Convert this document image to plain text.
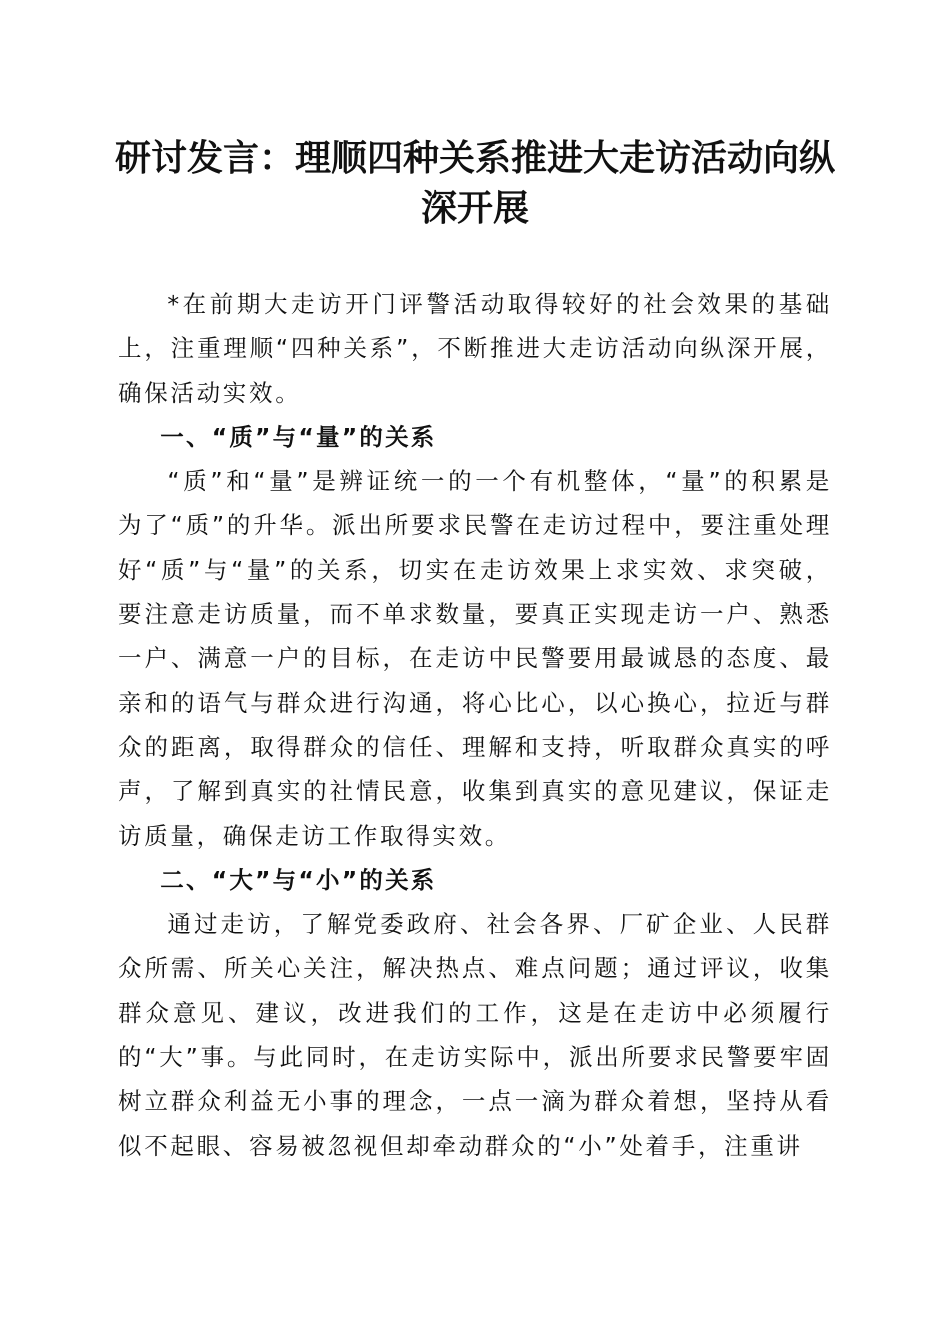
研讨发言：理顺四种关系推进大走访活动向纵深开展

*在前期大走访开门评警活动取得较好的社会效果的基础上，注重理顺“四种关系”，不断推进大走访活动向纵深开展，确保活动实效。

一、“质”与“量”的关系

“质”和“量”是辨证统一的一个有机整体，“量”的积累是为了“质”的升华。派出所要求民警在走访过程中，要注重处理好“质”与“量”的关系，切实在走访效果上求实效、求突破，要注意走访质量，而不单求数量，要真正实现走访一户、熟悉一户、满意一户的目标，在走访中民警要用最诚恳的态度、最亲和的语气与群众进行沟通，将心比心，以心换心，拉近与群众的距离，取得群众的信任、理解和支持，听取群众真实的呼声，了解到真实的社情民意，收集到真实的意见建议，保证走访质量，确保走访工作取得实效。

二、“大”与“小”的关系

通过走访，了解党委政府、社会各界、厂矿企业、人民群众所需、所关心关注，解决热点、难点问题；通过评议，收集群众意见、建议，改进我们的工作，这是在走访中必须履行的“大”事。与此同时，在走访实际中，派出所要求民警要牢固树立群众利益无小事的理念，一点一滴为群众着想，坚持从看似不起眼、容易被忽视但却牵动群众的“小”处着手，注重讲
